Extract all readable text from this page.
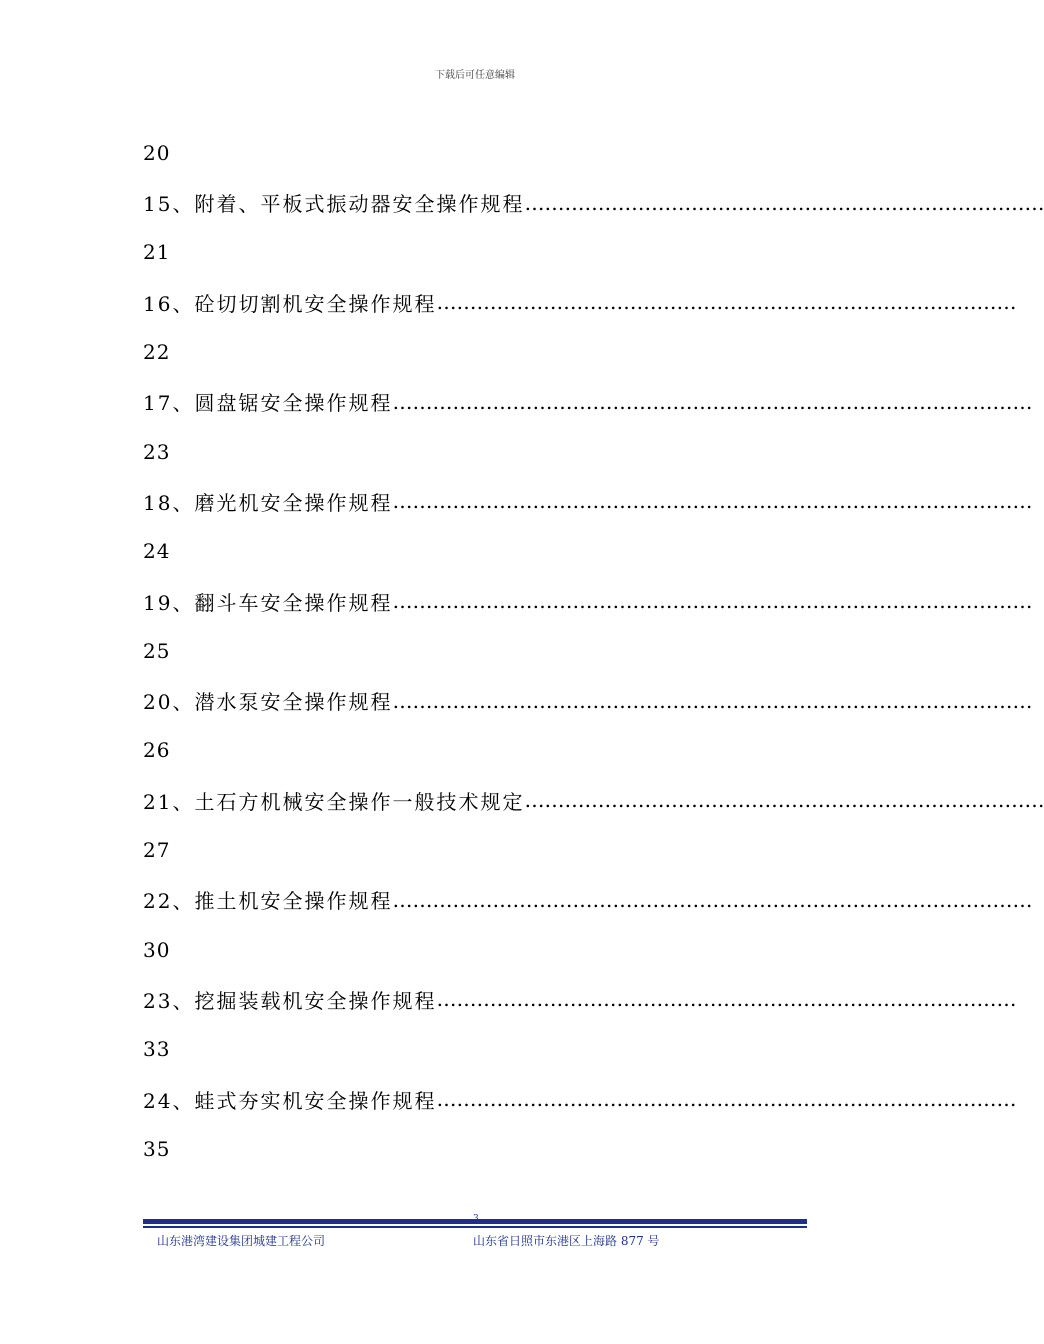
下载后可任意编辑
20
15、附着、平板式振动器安全操作规程 ……………………………………………………………………
21
16、砼切切割机安全操作规程 ……………………………………………………………………………
22
17、圆盘锯安全操作规程 ……………………………………………………………………………………
23
18、磨光机安全操作规程 ……………………………………………………………………………………
24
19、翻斗车安全操作规程 ……………………………………………………………………………………
25
20、潜水泵安全操作规程 ……………………………………………………………………………………
26
21、土石方机械安全操作一般技术规定 ……………………………………………………………………
27
22、推土机安全操作规程 ……………………………………………………………………………………
30
23、挖掘装载机安全操作规程 ……………………………………………………………………………
33
24、蛙式夯实机安全操作规程 ……………………………………………………………………………
35
山东港湾建设集团城建工程公司	山东省日照市东港区上海路 877 号
